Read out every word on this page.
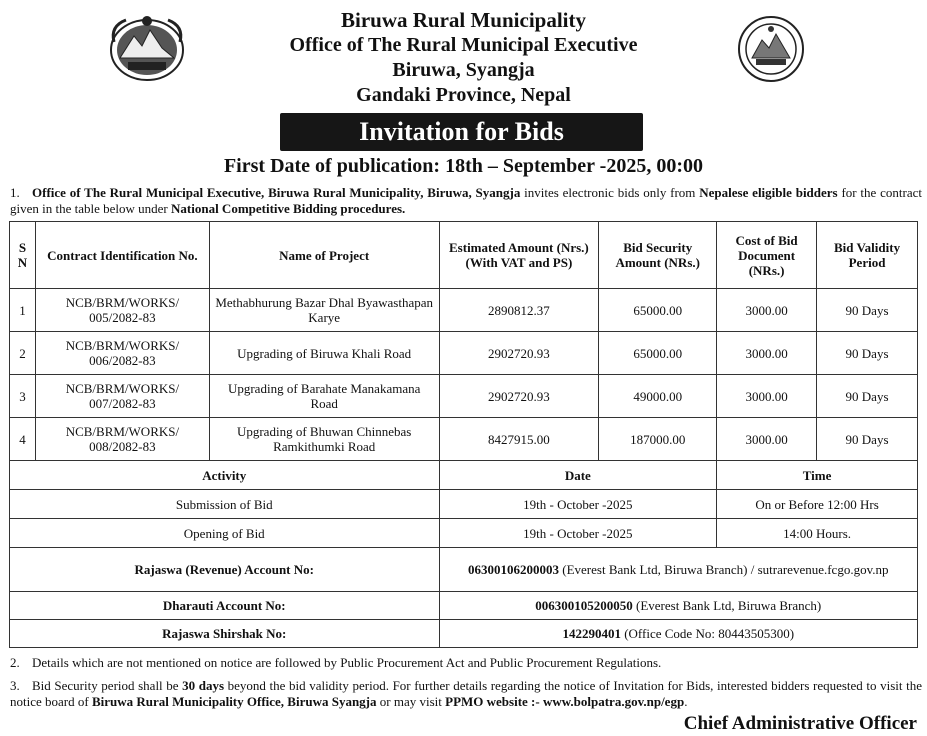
Biruwa Rural Municipality
Office of The Rural Municipal Executive
Biruwa, Syangja
Gandaki Province, Nepal
Invitation for Bids
First Date of publication: 18th – September -2025, 00:00
1. Office of The Rural Municipal Executive, Biruwa Rural Municipality, Biruwa, Syangja invites electronic bids only from Nepalese eligible bidders for the contract given in the table below under National Competitive Bidding procedures.
S N	Contract Identification No.	Name of Project	Estimated Amount (Nrs.) (With VAT and PS)	Bid Security Amount (NRs.)	Cost of Bid Document (NRs.)	Bid Validity Period
1	NCB/BRM/WORKS/ 005/2082-83	Methabhurung Bazar Dhal Byawasthapan Karye	2890812.37	65000.00	3000.00	90 Days
2	NCB/BRM/WORKS/ 006/2082-83	Upgrading of Biruwa Khali Road	2902720.93	65000.00	3000.00	90 Days
3	NCB/BRM/WORKS/ 007/2082-83	Upgrading of Barahate Manakamana Road	2902720.93	49000.00	3000.00	90 Days
4	NCB/BRM/WORKS/ 008/2082-83	Upgrading of Bhuwan Chinnebas Ramkithumki Road	8427915.00	187000.00	3000.00	90 Days
Activity			Date		Time	
Submission of Bid			19th - October -2025		On or Before 12:00 Hrs	
Opening of Bid			19th - October -2025		14:00 Hours.	
Rajaswa (Revenue) Account No:			06300106200003 (Everest Bank Ltd, Biruwa Branch) / sutrarevenue.fcgo.gov.np			
Dharauti Account No:			006300105200050 (Everest Bank Ltd, Biruwa Branch)			
Rajaswa Shirshak No:			142290401 (Office Code No: 80443505300)			
2. Details which are not mentioned on notice are followed by Public Procurement Act and Public Procurement Regulations.
3. Bid Security period shall be 30 days beyond the bid validity period. For further details regarding the notice of Invitation for Bids, interested bidders requested to visit the notice board of Biruwa Rural Municipality Office, Biruwa Syangja or may visit PPMO website :- www.bolpatra.gov.np/egp.
Chief Administrative Officer
